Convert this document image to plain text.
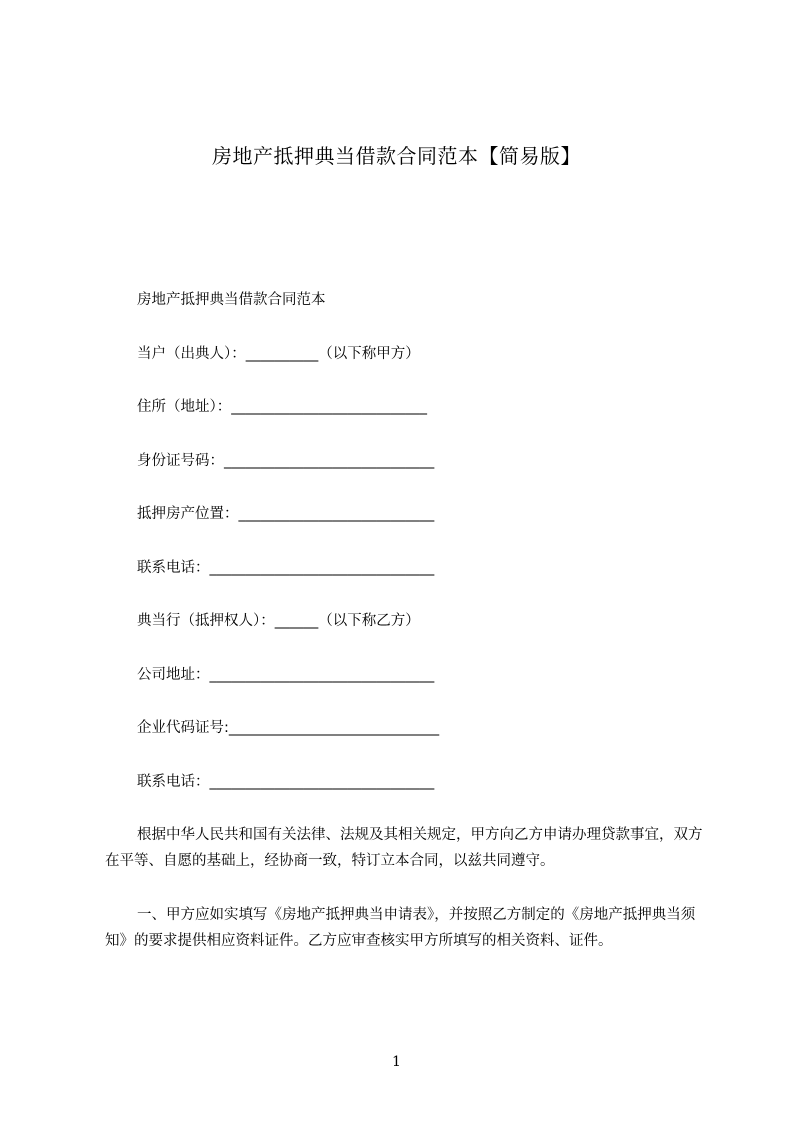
房地产抵押典当借款合同范本【简易版】
房地产抵押典当借款合同范本
当户（出典人）：__________（以下称甲方）
住所（地址）：___________________________
身份证号码：_____________________________
抵押房产位置：___________________________
联系电话：_______________________________
典当行（抵押权人）：______（以下称乙方）
公司地址：_______________________________
企业代码证号:_____________________________
联系电话：_______________________________
根据中华人民共和国有关法律、法规及其相关规定，甲方向乙方申请办理贷款事宜，双方在平等、自愿的基础上，经协商一致，特订立本合同，以兹共同遵守。
一、甲方应如实填写《房地产抵押典当申请表》，并按照乙方制定的《房地产抵押典当须知》的要求提供相应资料证件。乙方应审查核实甲方所填写的相关资料、证件。
1
